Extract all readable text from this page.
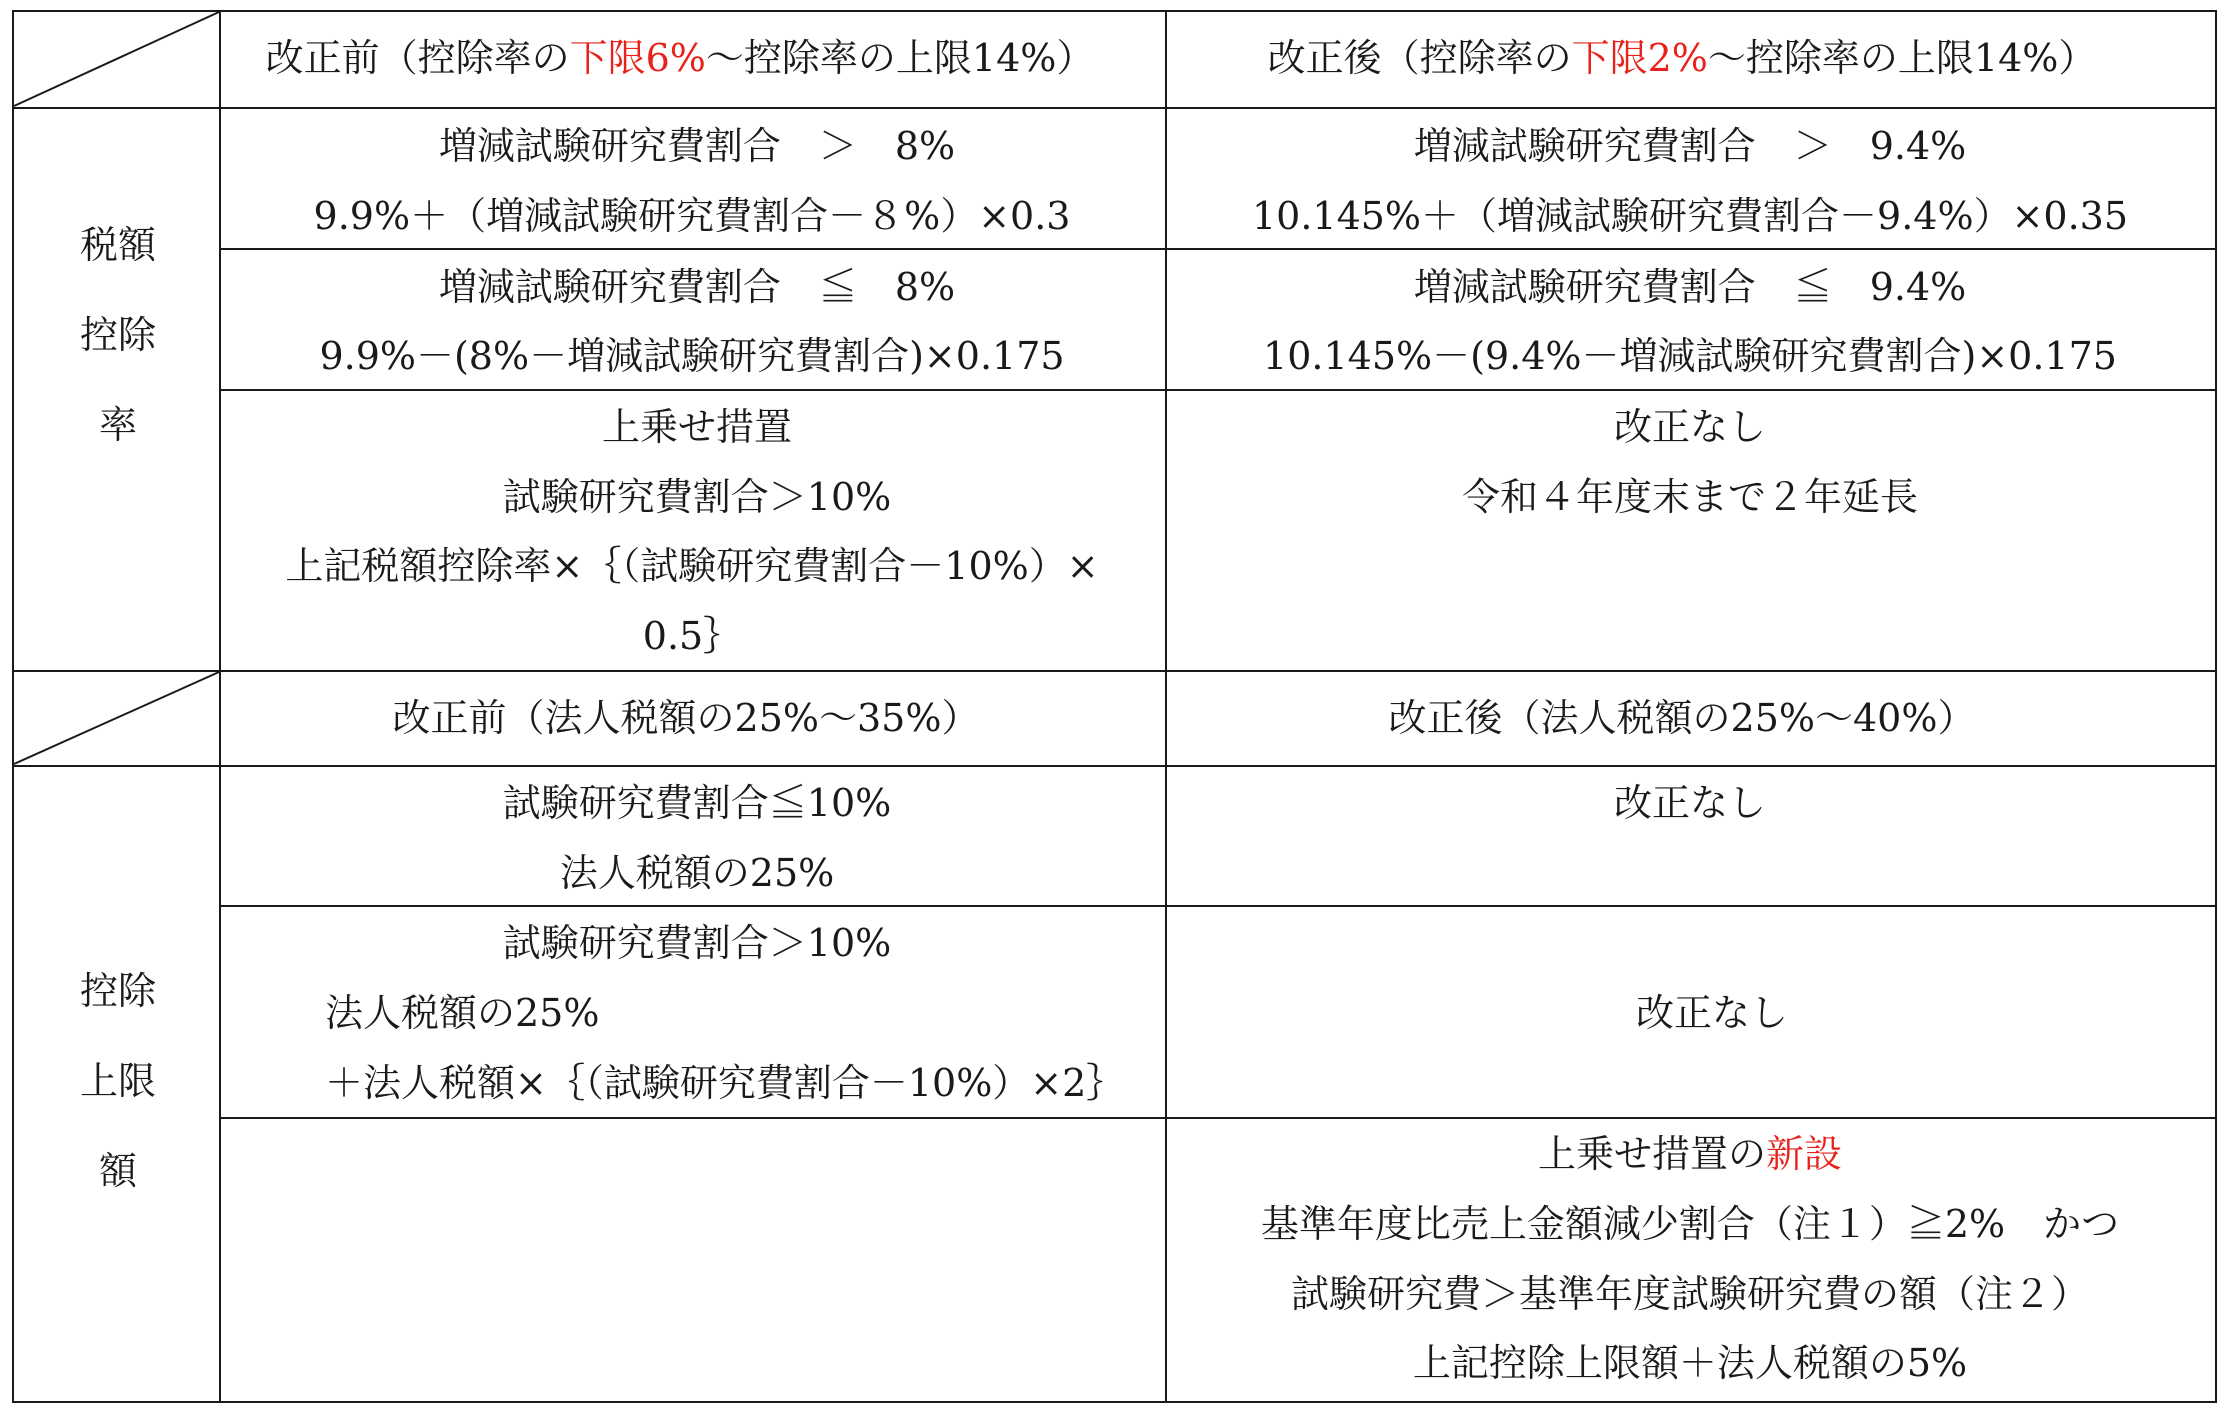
改正前（控除率の下限6%～控除率の上限14%）	改正後（控除率の下限2%～控除率の上限14%）
税額
控除
率
増減試験研究費割合　＞　8%
9.9%＋（増減試験研究費割合－８%）×0.3
増減試験研究費割合　＞　9.4%
10.145%＋（増減試験研究費割合－9.4%）×0.35
増減試験研究費割合　≦　8%
9.9%－(8%－増減試験研究費割合)×0.175
増減試験研究費割合　≦　9.4%
10.145%－(9.4%－増減試験研究費割合)×0.175
上乗せ措置
試験研究費割合＞10%
上記税額控除率×｛（試験研究費割合－10%）×
0.5｝
改正なし
令和４年度末まで２年延長
改正前（法人税額の25%～35%）	改正後（法人税額の25%～40%）
控除
上限
額
試験研究費割合≦10%
法人税額の25%
改正なし
試験研究費割合＞10%
法人税額の25%
＋法人税額×｛（試験研究費割合－10%）×2｝
改正なし
上乗せ措置の新設
基準年度比売上金額減少割合（注１）≧2%　かつ
試験研究費＞基準年度試験研究費の額（注２）
上記控除上限額＋法人税額の5%
